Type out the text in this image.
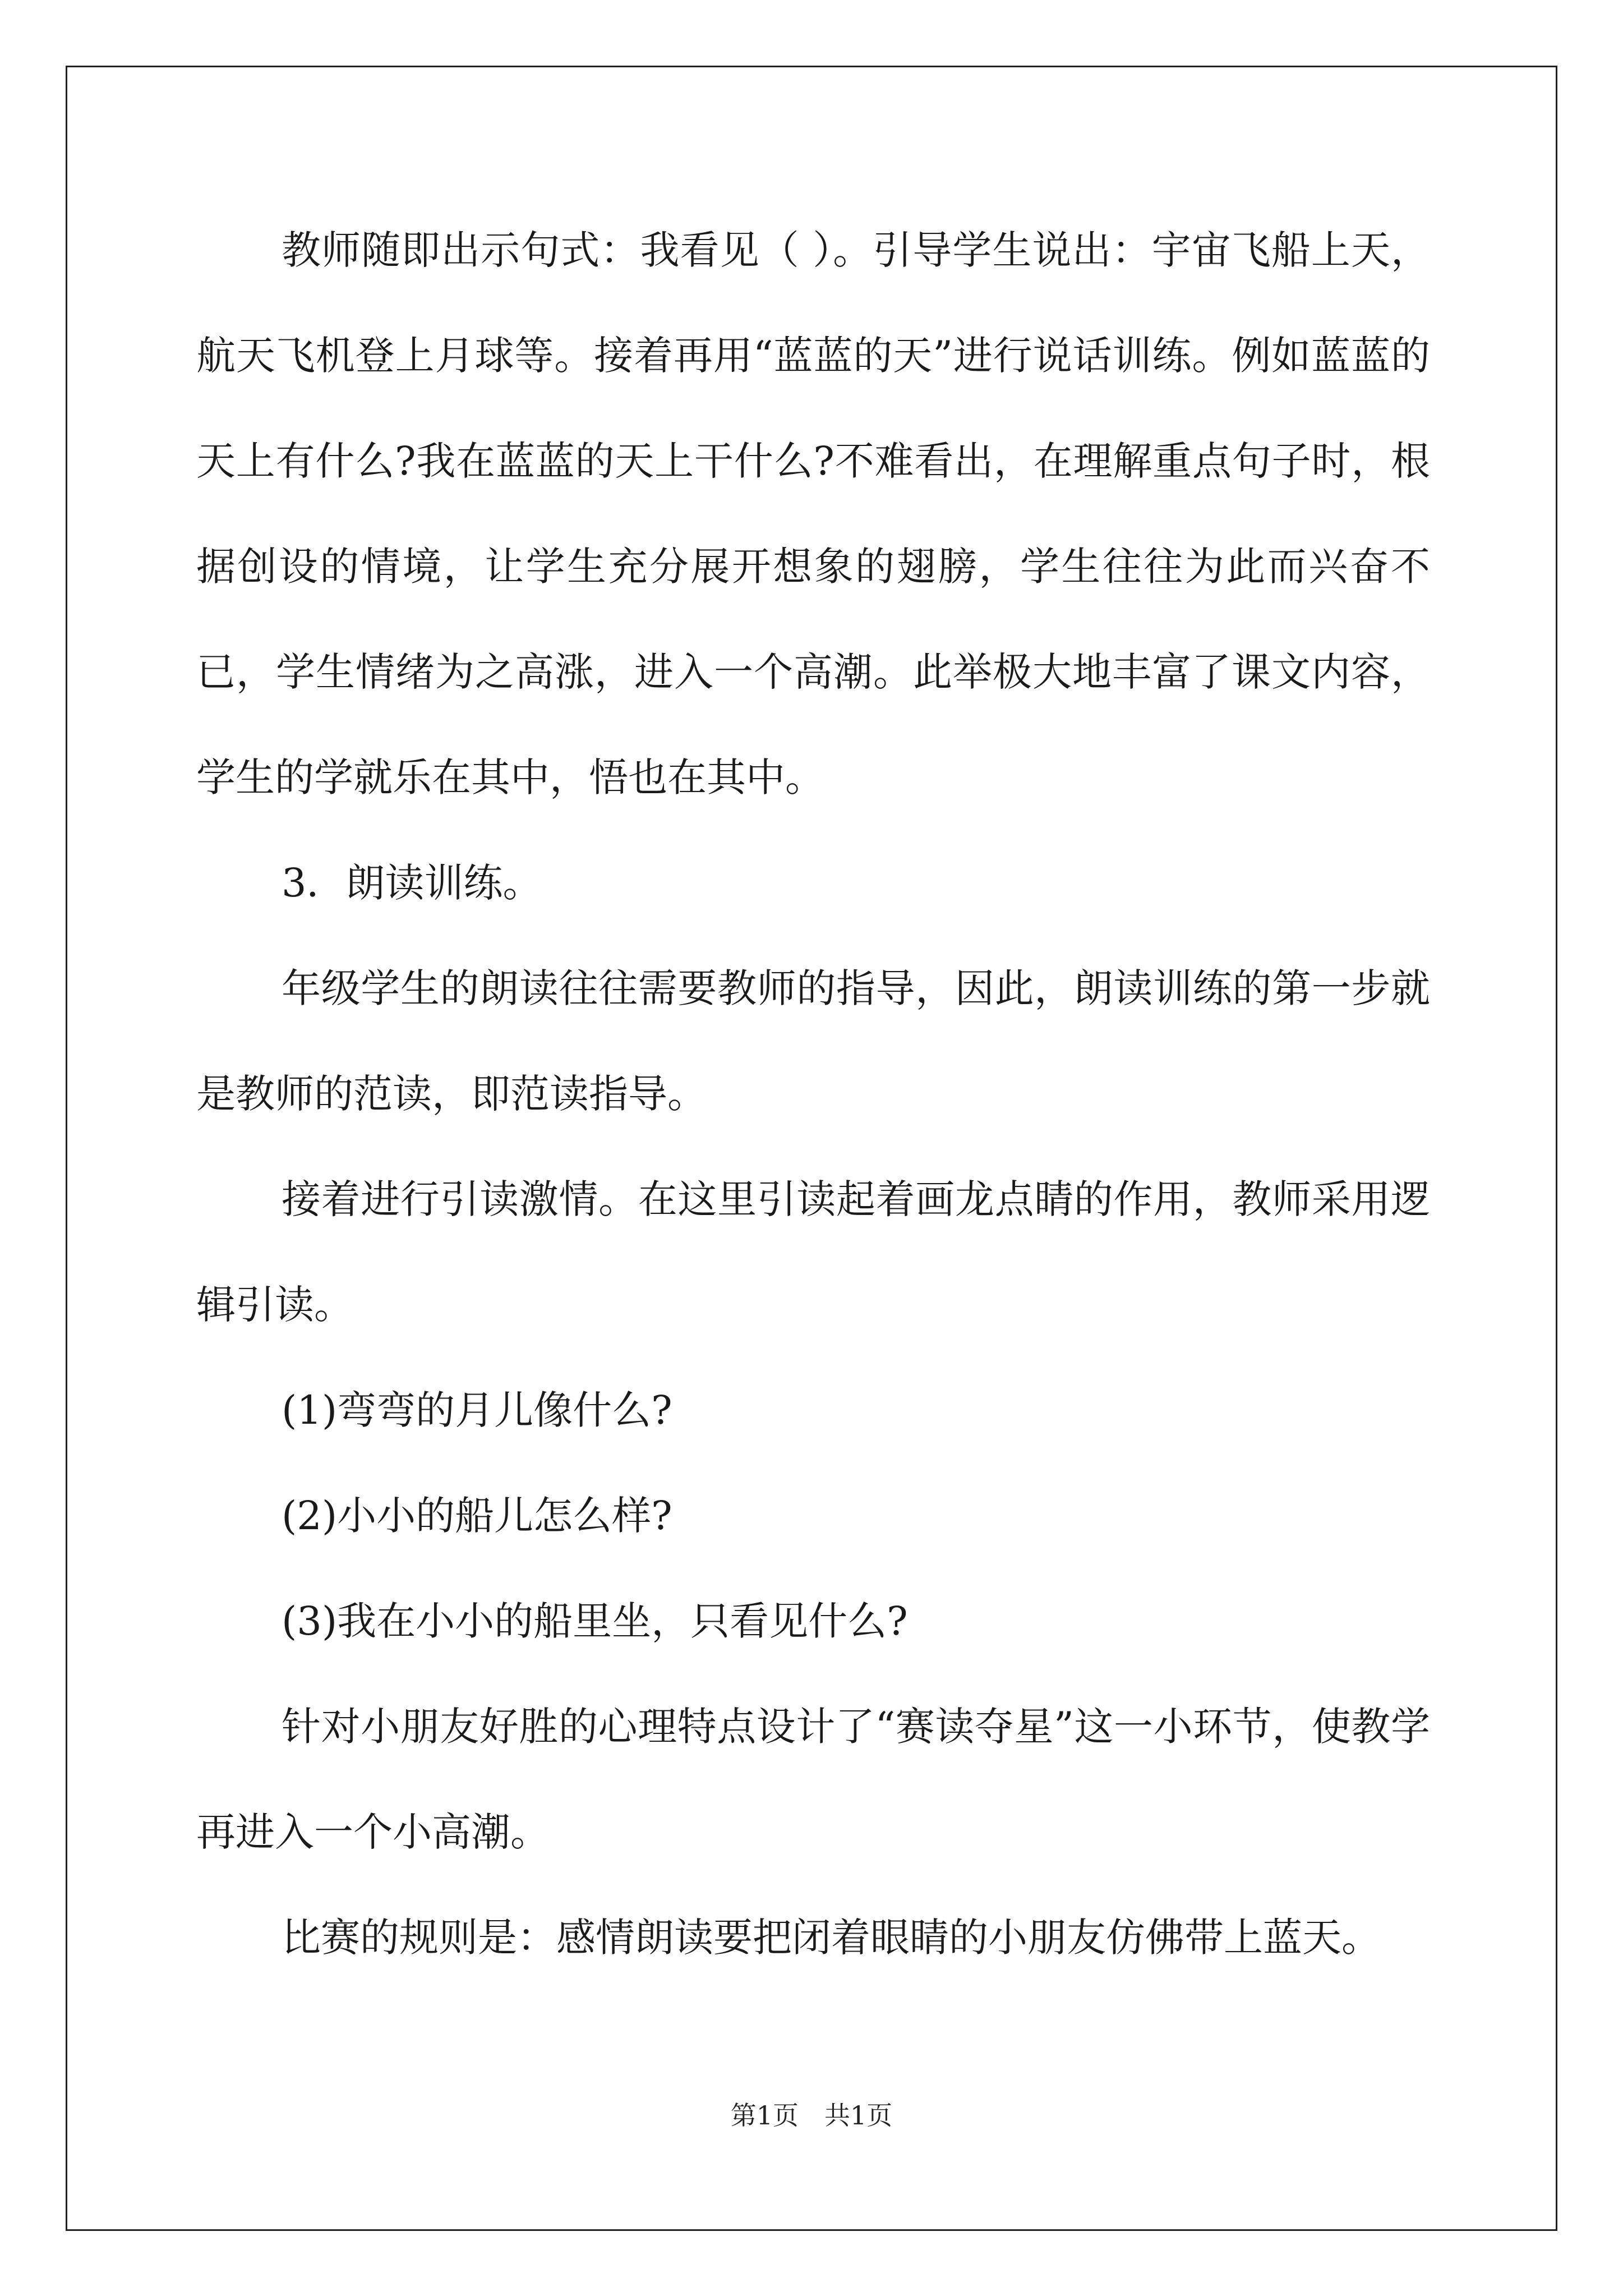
教师随即出示句式：我看见（ ）。引导学生说出：宇宙飞船上天，航天飞机登上月球等。接着再用“蓝蓝的天”进行说话训练。例如蓝蓝的天上有什么?我在蓝蓝的天上干什么?不难看出，在理解重点句子时，根据创设的情境，让学生充分展开想象的翅膀，学生往往为此而兴奋不已，学生情绪为之高涨，进入一个高潮。此举极大地丰富了课文内容，学生的学就乐在其中，悟也在其中。

3．朗读训练。

年级学生的朗读往往需要教师的指导，因此，朗读训练的第一步就是教师的范读，即范读指导。

接着进行引读激情。在这里引读起着画龙点睛的作用，教师采用逻辑引读。

(1)弯弯的月儿像什么?

(2)小小的船儿怎么样?

(3)我在小小的船里坐，只看见什么?

针对小朋友好胜的心理特点设计了“赛读夺星”这一小环节，使教学再进入一个小高潮。

比赛的规则是：感情朗读要把闭着眼睛的小朋友仿佛带上蓝天。

第1页　共1页
